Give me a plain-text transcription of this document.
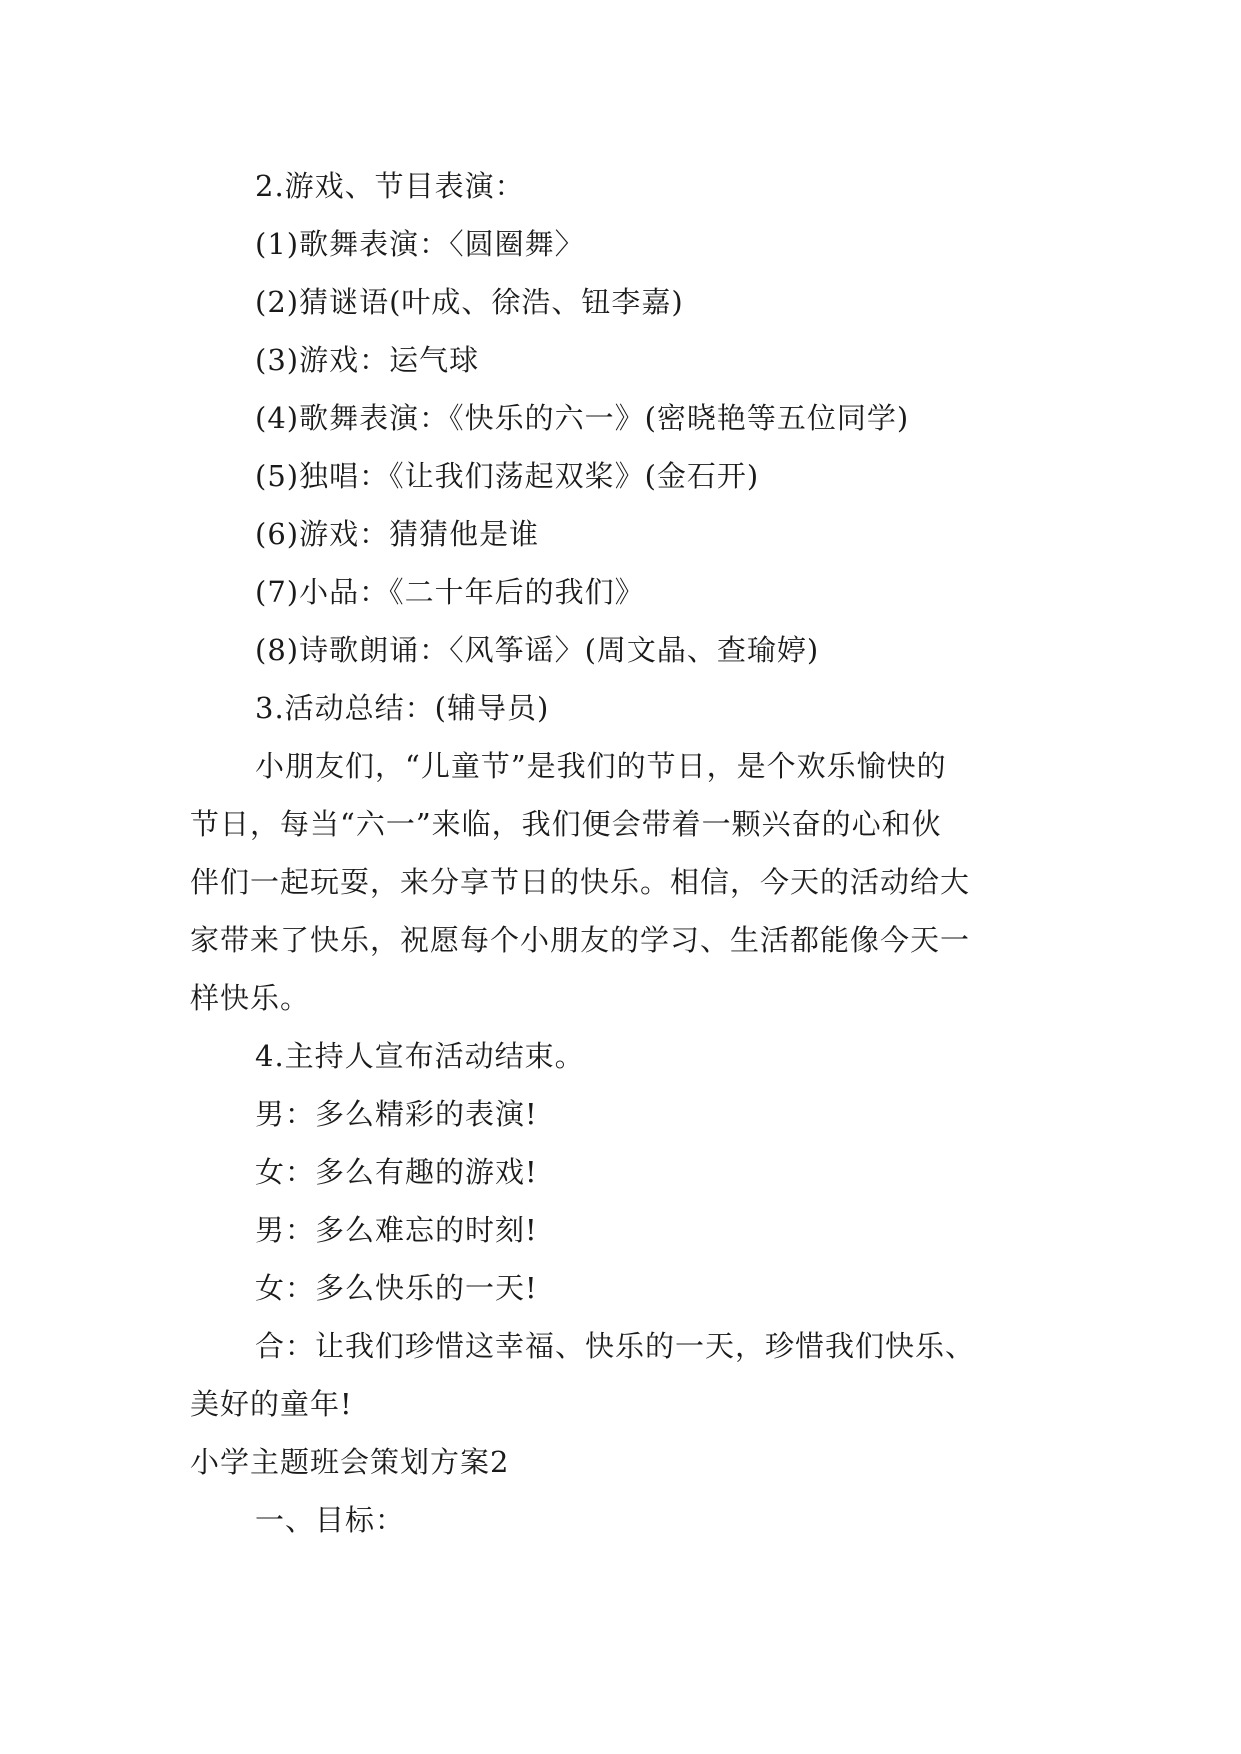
2.游戏、节目表演：
(1)歌舞表演：〈圆圈舞〉
(2)猜谜语(叶成、徐浩、钮李嘉)
(3)游戏：运气球
(4)歌舞表演：《快乐的六一》(密晓艳等五位同学)
(5)独唱：《让我们荡起双桨》(金石开)
(6)游戏：猜猜他是谁
(7)小品：《二十年后的我们》
(8)诗歌朗诵：〈风筝谣〉(周文晶、查瑜婷)
3.活动总结：(辅导员)
小朋友们，“儿童节”是我们的节日，是个欢乐愉快的
节日，每当“六一”来临，我们便会带着一颗兴奋的心和伙
伴们一起玩耍，来分享节日的快乐。相信，今天的活动给大
家带来了快乐，祝愿每个小朋友的学习、生活都能像今天一
样快乐。
4.主持人宣布活动结束。
男：多么精彩的表演!
女：多么有趣的游戏!
男：多么难忘的时刻!
女：多么快乐的一天!
合：让我们珍惜这幸福、快乐的一天，珍惜我们快乐、
美好的童年!
小学主题班会策划方案2
一、目标：
